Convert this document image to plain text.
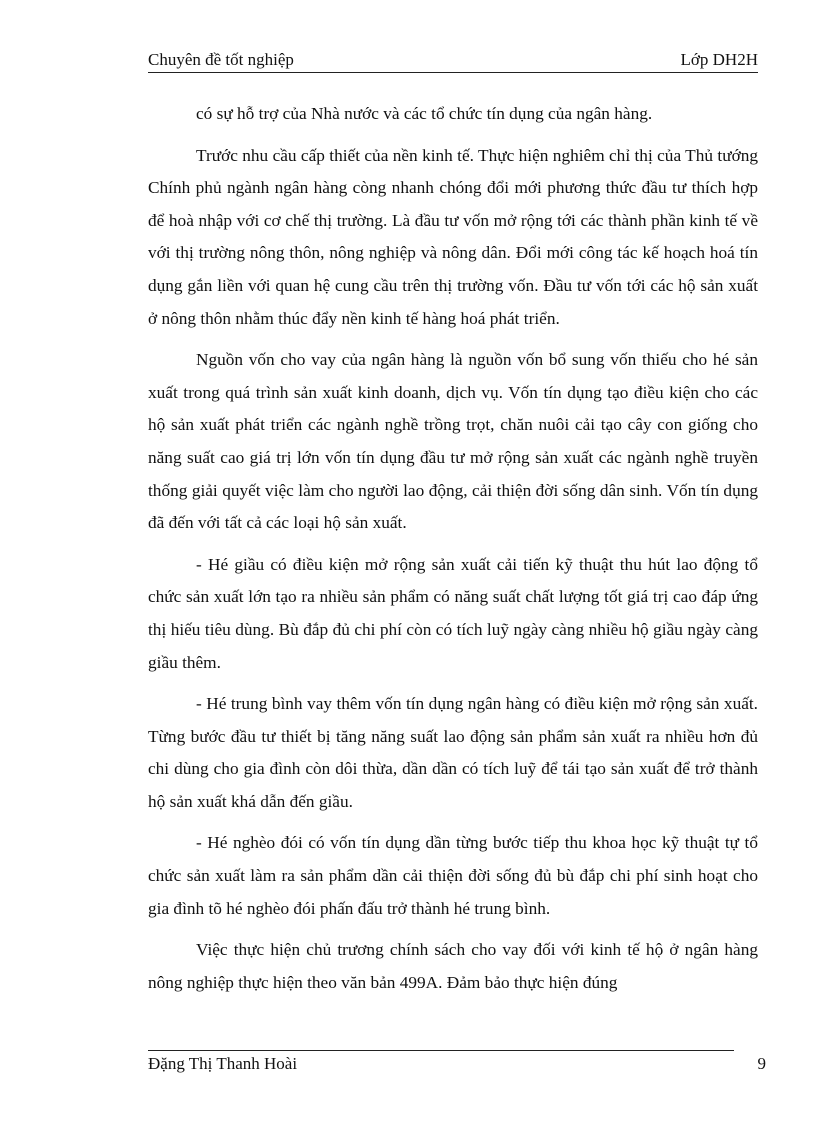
Chuyên đề tốt nghiệp	Lớp DH2H

có sự hỗ trợ của Nhà nước và các tổ chức tín dụng của ngân hàng.

Trước nhu cầu cấp thiết của nền kinh tế. Thực hiện nghiêm chỉ thị của Thủ tướng Chính phủ ngành ngân hàng còng nhanh chóng đổi mới phương thức đầu tư thích hợp để hoà nhập với cơ chế thị trường. Là đầu tư vốn mở rộng tới các thành phần kinh tế về với thị trường nông thôn, nông nghiệp và nông dân. Đổi mới công tác kế hoạch hoá tín dụng gắn liền với quan hệ cung cầu trên thị trường vốn. Đầu tư vốn tới các hộ sản xuất ở nông thôn nhằm thúc đẩy nền kinh tế hàng hoá phát triển.

Nguồn vốn cho vay của ngân hàng là nguồn vốn bổ sung vốn thiếu cho hé sản xuất trong quá trình sản xuất kinh doanh, dịch vụ. Vốn tín dụng tạo điều kiện cho các hộ sản xuất phát triển các ngành nghề trồng trọt, chăn nuôi cải tạo cây con giống cho năng suất cao giá trị lớn vốn tín dụng đầu tư mở rộng sản xuất các ngành nghề truyền thống giải quyết việc làm cho người lao động, cải thiện đời sống dân sinh. Vốn tín dụng đã đến với tất cả các loại hộ sản xuất.

- Hé giầu có điều kiện mở rộng sản xuất cải tiến kỹ thuật thu hút lao động tổ chức sản xuất lớn tạo ra nhiều sản phẩm có năng suất chất lượng tốt giá trị cao đáp ứng thị hiếu tiêu dùng. Bù đắp đủ chi phí còn có tích luỹ ngày càng nhiều hộ giầu ngày càng giầu thêm.

- Hé trung bình vay thêm vốn tín dụng ngân hàng có điều kiện mở rộng sản xuất. Từng bước đầu tư thiết bị tăng năng suất lao động sản phẩm sản xuất ra nhiều hơn đủ chi dùng cho gia đình còn dôi thừa, dần dần có tích luỹ để tái tạo sản xuất để trở thành hộ sản xuất khá dẫn đến giầu.

- Hé nghèo đói có vốn tín dụng dần từng bước tiếp thu khoa học kỹ thuật tự tổ chức sản xuất làm ra sản phẩm dần cải thiện đời sống đủ bù đắp chi phí sinh hoạt cho gia đình tõ hé nghèo đói phấn đấu trở thành hé trung bình.

Việc thực hiện chủ trương chính sách cho vay đối với kinh tế hộ ở ngân hàng nông nghiệp thực hiện theo văn bản 499A. Đảm bảo thực hiện đúng

Đặng Thị Thanh Hoài	9
